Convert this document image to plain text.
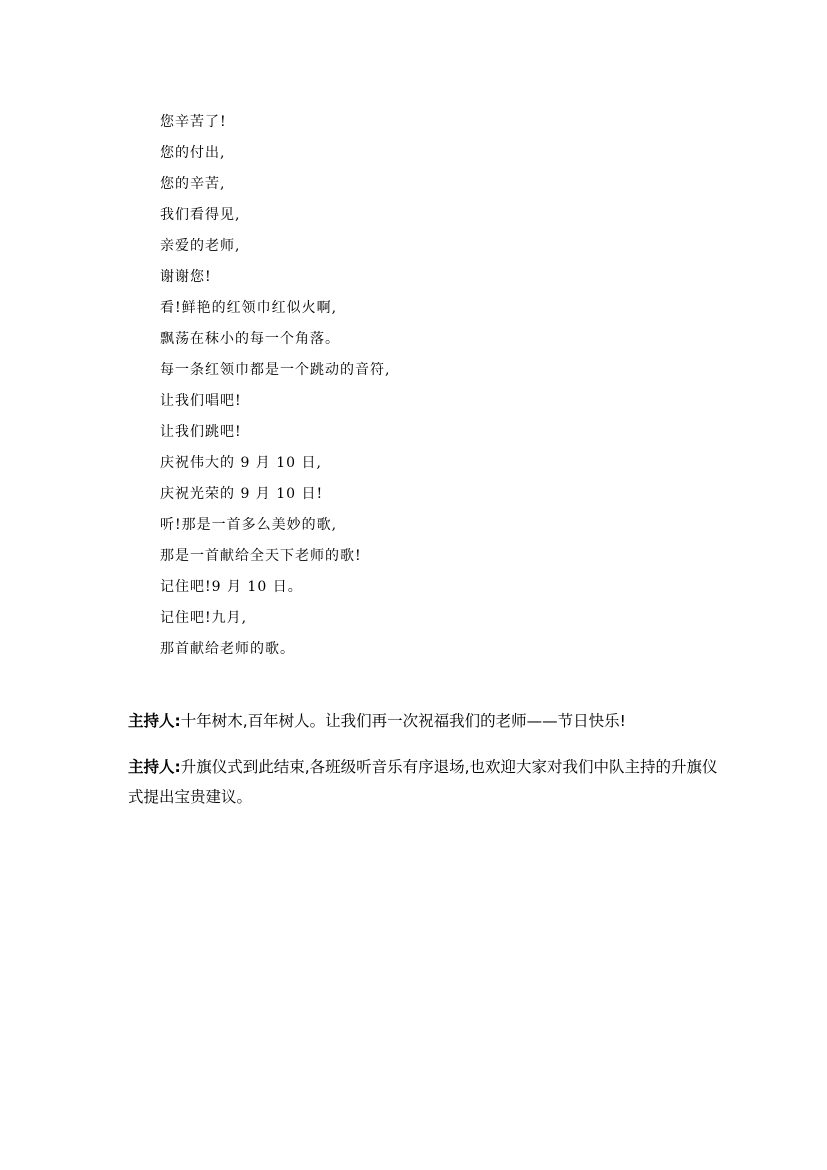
您辛苦了!
您的付出,
您的辛苦,
我们看得见,
亲爱的老师,
谢谢您!
看!鲜艳的红领巾红似火啊,
飘荡在秣小的每一个角落。
每一条红领巾都是一个跳动的音符,
让我们唱吧!
让我们跳吧!
庆祝伟大的 9 月 10 日,
庆祝光荣的 9 月 10 日!
听!那是一首多么美妙的歌,
那是一首献给全天下老师的歌!
记住吧!9 月 10 日。
记住吧!九月,
那首献给老师的歌。

主持人:十年树木,百年树人。让我们再一次祝福我们的老师——节日快乐!

主持人:升旗仪式到此结束,各班级听音乐有序退场,也欢迎大家对我们中队主持的升旗仪式提出宝贵建议。
